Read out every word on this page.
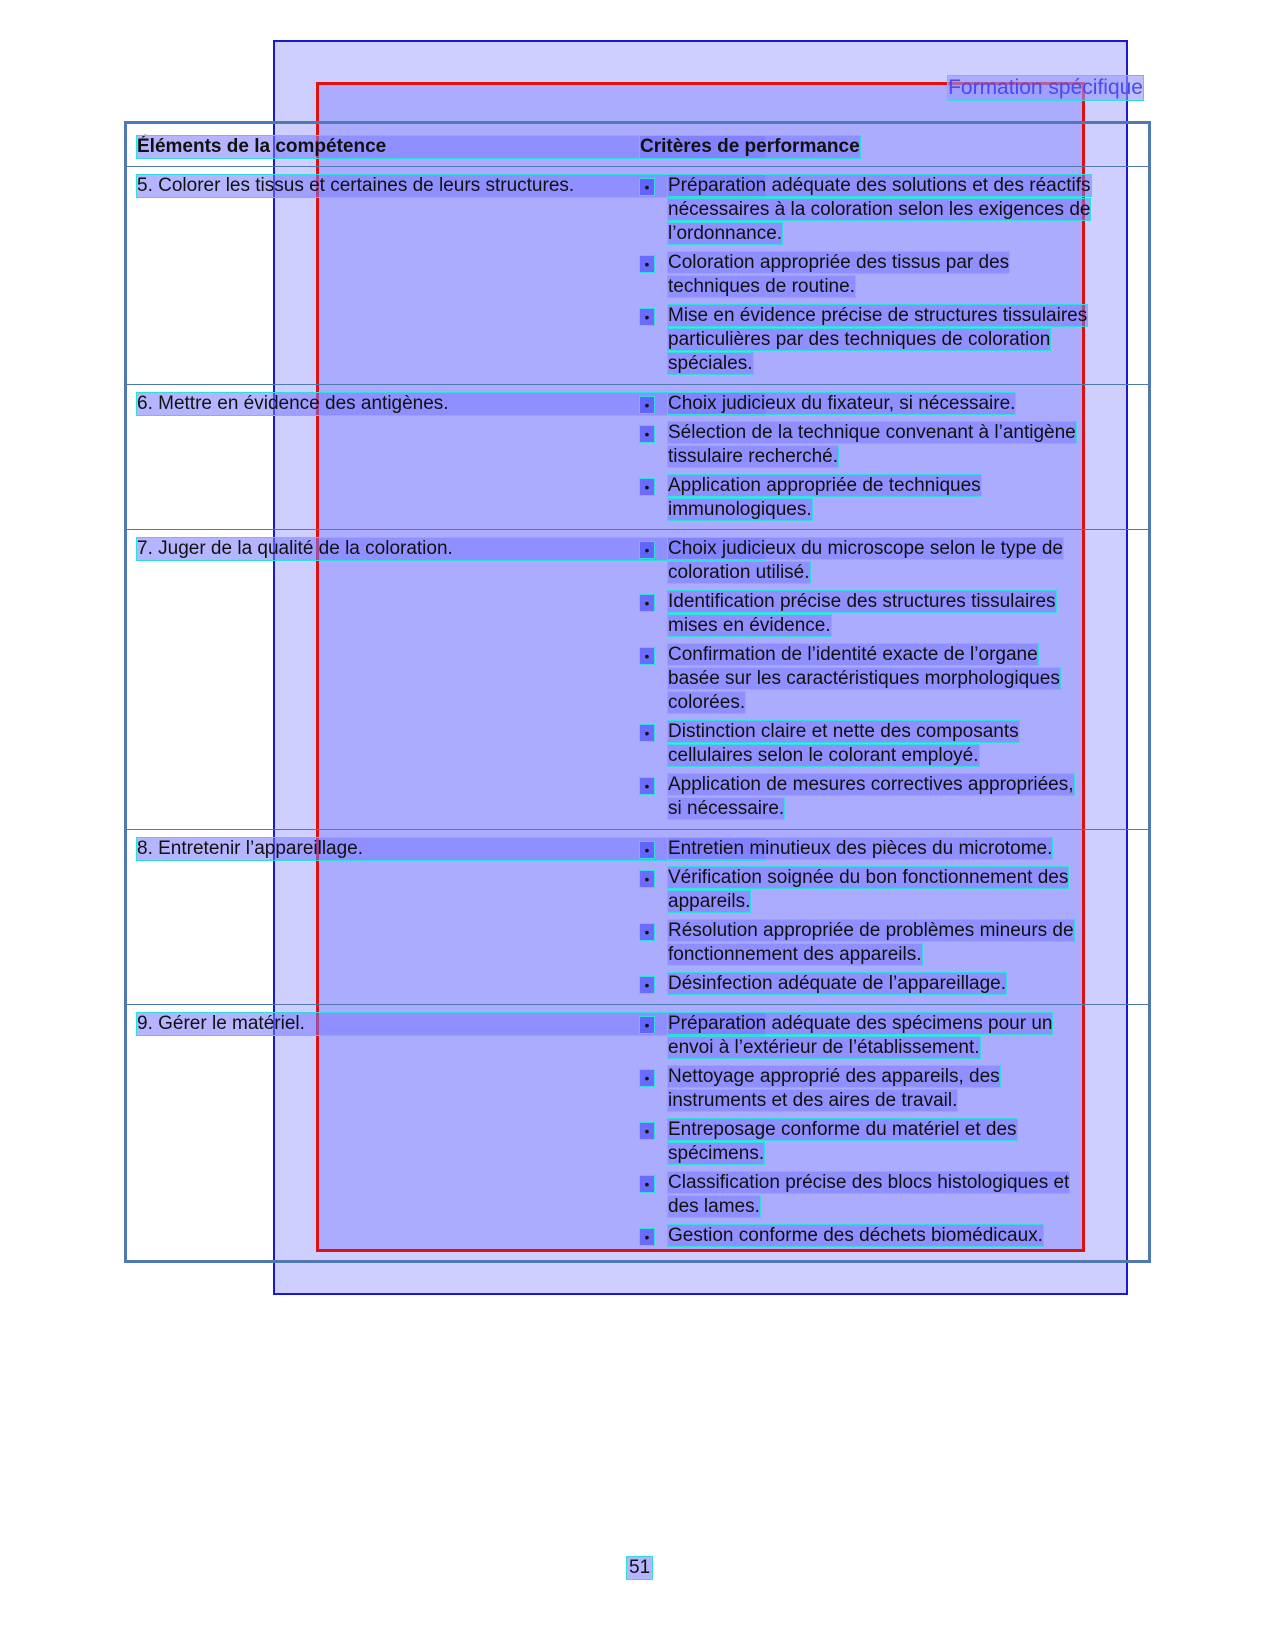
Formation spécifique
Éléments de la compétence	Critères de performance
5. Colorer les tissus et certaines de leurs structures.	• Préparation adéquate des solutions et des réactifs
nécessaires à la coloration selon les exigences de
l’ordonnance.
• Coloration appropriée des tissus par des
techniques de routine.
• Mise en évidence précise de structures tissulaires
particulières par des techniques de coloration
spéciales.
6. Mettre en évidence des antigènes.	• Choix judicieux du fixateur, si nécessaire.
• Sélection de la technique convenant à l’antigène
tissulaire recherché.
• Application appropriée de techniques
immunologiques.
7. Juger de la qualité de la coloration.	• Choix judicieux du microscope selon le type de
coloration utilisé.
• Identification précise des structures tissulaires
mises en évidence.
• Confirmation de l’identité exacte de l’organe
basée sur les caractéristiques morphologiques
colorées.
• Distinction claire et nette des composants
cellulaires selon le colorant employé.
• Application de mesures correctives appropriées,
si nécessaire.
8. Entretenir l’appareillage.	• Entretien minutieux des pièces du microtome.
• Vérification soignée du bon fonctionnement des
appareils.
• Résolution appropriée de problèmes mineurs de
fonctionnement des appareils.
• Désinfection adéquate de l’appareillage.
9. Gérer le matériel.	• Préparation adéquate des spécimens pour un
envoi à l’extérieur de l’établissement.
• Nettoyage approprié des appareils, des
instruments et des aires de travail.
• Entreposage conforme du matériel et des
spécimens.
• Classification précise des blocs histologiques et
des lames.
• Gestion conforme des déchets biomédicaux.
51
